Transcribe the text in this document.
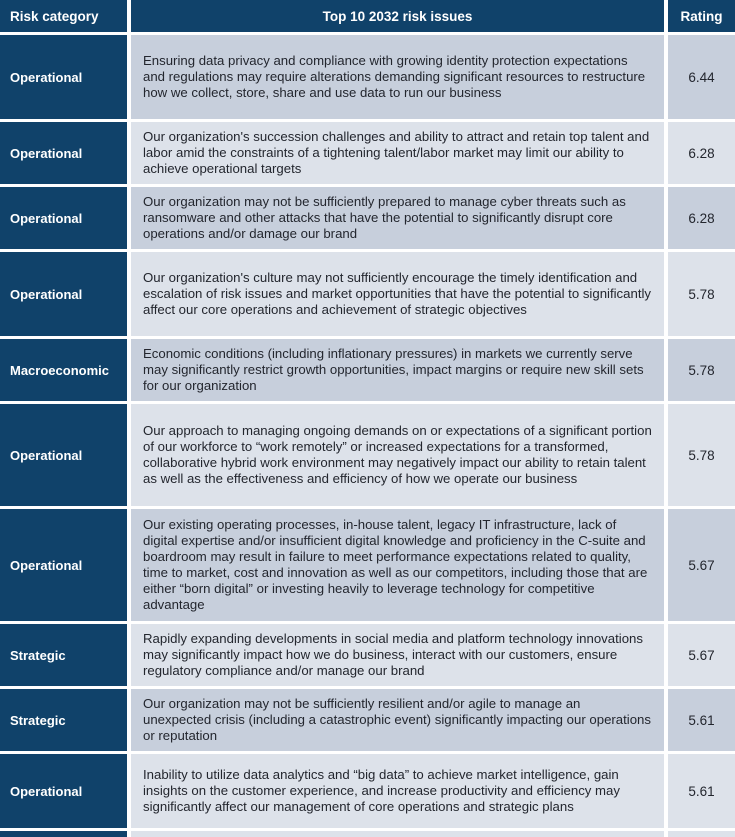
Risk category	Top 10 2032 risk issues	Rating
Operational
Ensuring data privacy and compliance with growing identity protection expectations and regulations may require alterations demanding significant resources to restructure how we collect, store, share and use data to run our business
6.44
Operational
Our organization's succession challenges and ability to attract and retain top talent and labor amid the constraints of a tightening talent/labor market may limit our ability to achieve operational targets
6.28
Operational
Our organization may not be sufficiently prepared to manage cyber threats such as ransomware and other attacks that have the potential to significantly disrupt core operations and/or damage our brand
6.28
Operational
Our organization's culture may not sufficiently encourage the timely identification and escalation of risk issues and market opportunities that have the potential to significantly affect our core operations and achievement of strategic objectives
5.78
Macroeconomic
Economic conditions (including inflationary pressures) in markets we currently serve may significantly restrict growth opportunities, impact margins or require new skill sets for our organization
5.78
Operational
Our approach to managing ongoing demands on or expectations of a significant portion of our workforce to “work remotely” or increased expectations for a transformed, collaborative hybrid work environment may negatively impact our ability to retain talent as well as the effectiveness and efficiency of how we operate our business
5.78
Operational
Our existing operating processes, in-house talent, legacy IT infrastructure, lack of digital expertise and/or insufficient digital knowledge and proficiency in the C-suite and boardroom may result in failure to meet performance expectations related to quality, time to market, cost and innovation as well as our competitors, including those that are either “born digital” or investing heavily to leverage technology for competitive advantage
5.67
Strategic
Rapidly expanding developments in social media and platform technology innovations may significantly impact how we do business, interact with our customers, ensure regulatory compliance and/or manage our brand
5.67
Strategic
Our organization may not be sufficiently resilient and/or agile to manage an unexpected crisis (including a catastrophic event) significantly impacting our operations or reputation
5.61
Operational
Inability to utilize data analytics and “big data” to achieve market intelligence, gain insights on the customer experience, and increase productivity and efficiency may significantly affect our management of core operations and strategic plans
5.61
